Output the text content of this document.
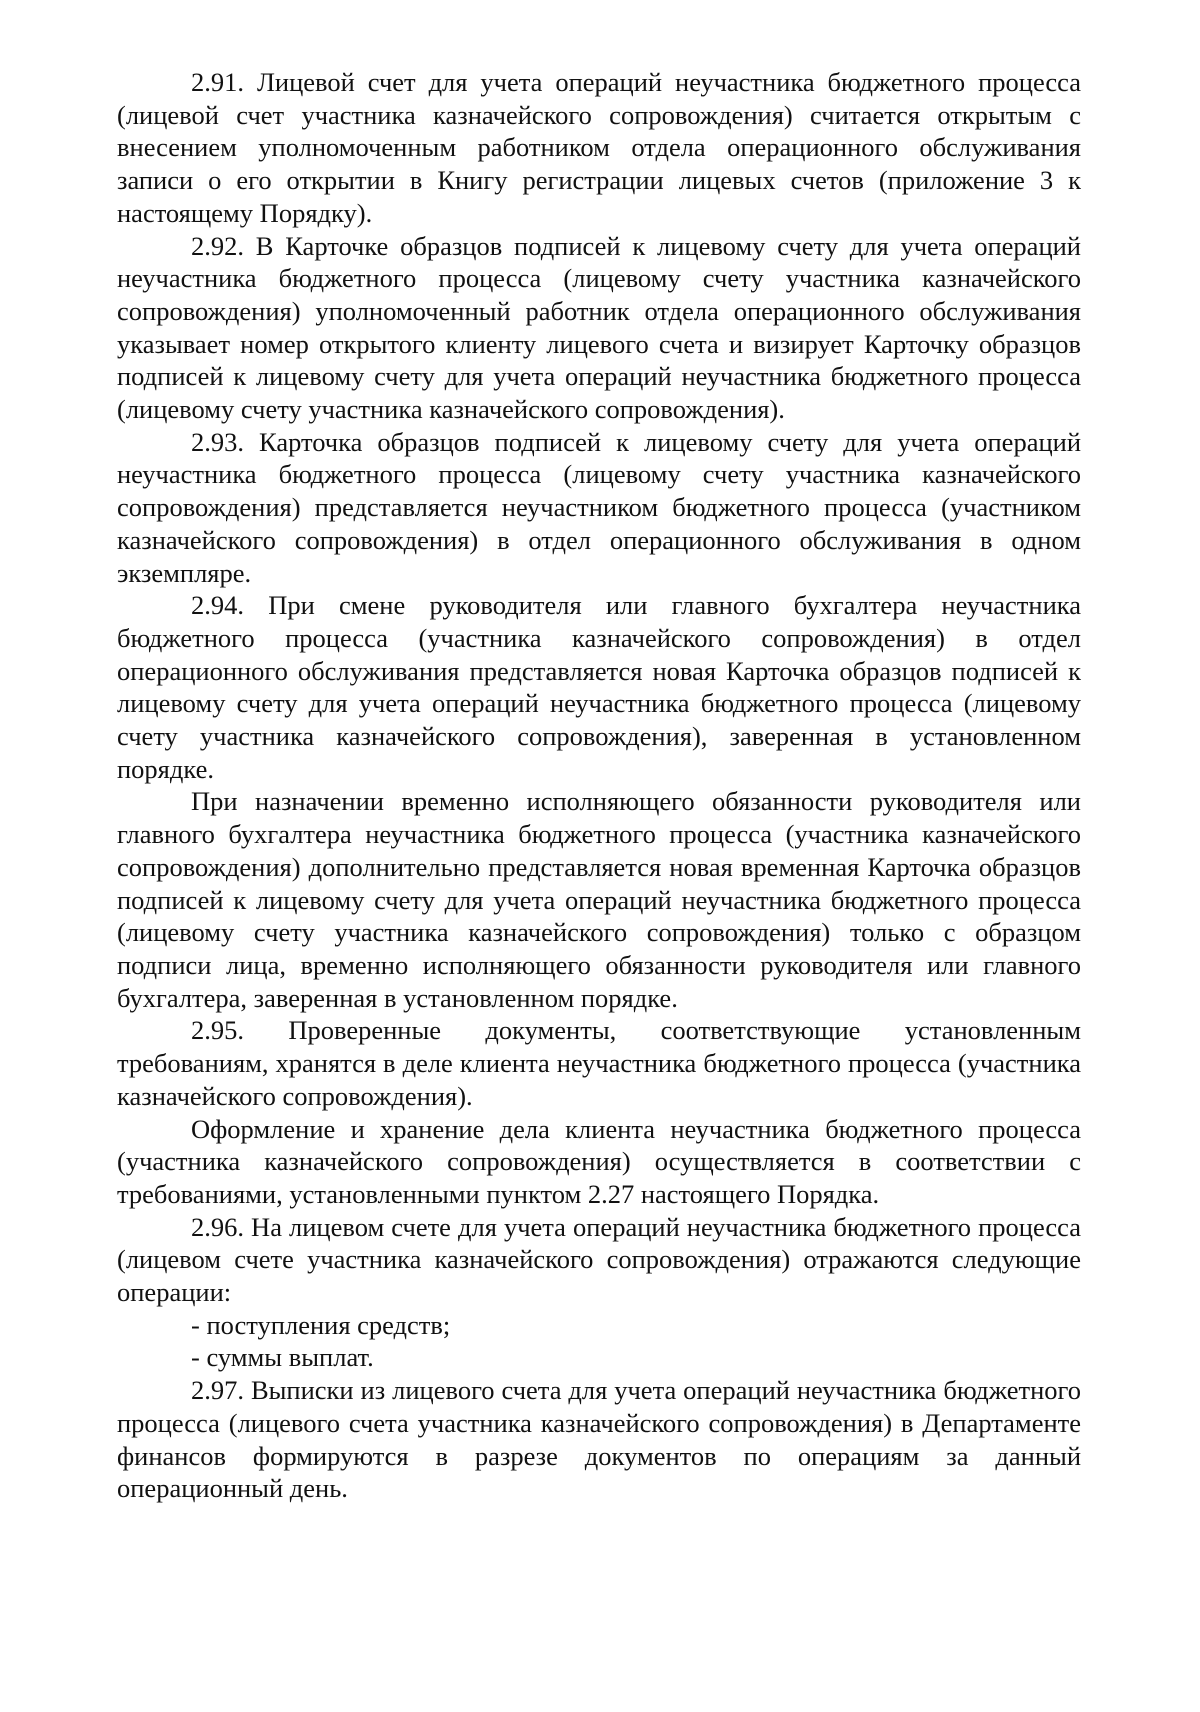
2.91. Лицевой счет для учета операций неучастника бюджетного процесса (лицевой счет участника казначейского сопровождения) считается открытым с внесением уполномоченным работником отдела операционного обслуживания записи о его открытии в Книгу регистрации лицевых счетов (приложение 3 к настоящему Порядку).

2.92. В Карточке образцов подписей к лицевому счету для учета операций неучастника бюджетного процесса (лицевому счету участника казначейского сопровождения) уполномоченный работник отдела операционного обслуживания указывает номер открытого клиенту лицевого счета и визирует Карточку образцов подписей к лицевому счету для учета операций неучастника бюджетного процесса (лицевому счету участника казначейского сопровождения).

2.93. Карточка образцов подписей к лицевому счету для учета операций неучастника бюджетного процесса (лицевому счету участника казначейского сопровождения) представляется неучастником бюджетного процесса (участником казначейского сопровождения) в отдел операционного обслуживания в одном экземпляре.

2.94. При смене руководителя или главного бухгалтера неучастника бюджетного процесса (участника казначейского сопровождения) в отдел операционного обслуживания представляется новая Карточка образцов подписей к лицевому счету для учета операций неучастника бюджетного процесса (лицевому счету участника казначейского сопровождения), заверенная в установленном порядке.

При назначении временно исполняющего обязанности руководителя или главного бухгалтера неучастника бюджетного процесса (участника казначейского сопровождения) дополнительно представляется новая временная Карточка образцов подписей к лицевому счету для учета операций неучастника бюджетного процесса (лицевому счету участника казначейского сопровождения) только с образцом подписи лица, временно исполняющего обязанности руководителя или главного бухгалтера, заверенная в установленном порядке.

2.95. Проверенные документы, соответствующие установленным требованиям, хранятся в деле клиента неучастника бюджетного процесса (участника казначейского сопровождения).

Оформление и хранение дела клиента неучастника бюджетного процесса (участника казначейского сопровождения) осуществляется в соответствии с требованиями, установленными пунктом 2.27 настоящего Порядка.

2.96. На лицевом счете для учета операций неучастника бюджетного процесса (лицевом счете участника казначейского сопровождения) отражаются следующие операции:

- поступления средств;

- суммы выплат.

2.97. Выписки из лицевого счета для учета операций неучастника бюджетного процесса (лицевого счета участника казначейского сопровождения) в Департаменте финансов формируются в разрезе документов по операциям за данный операционный день.
